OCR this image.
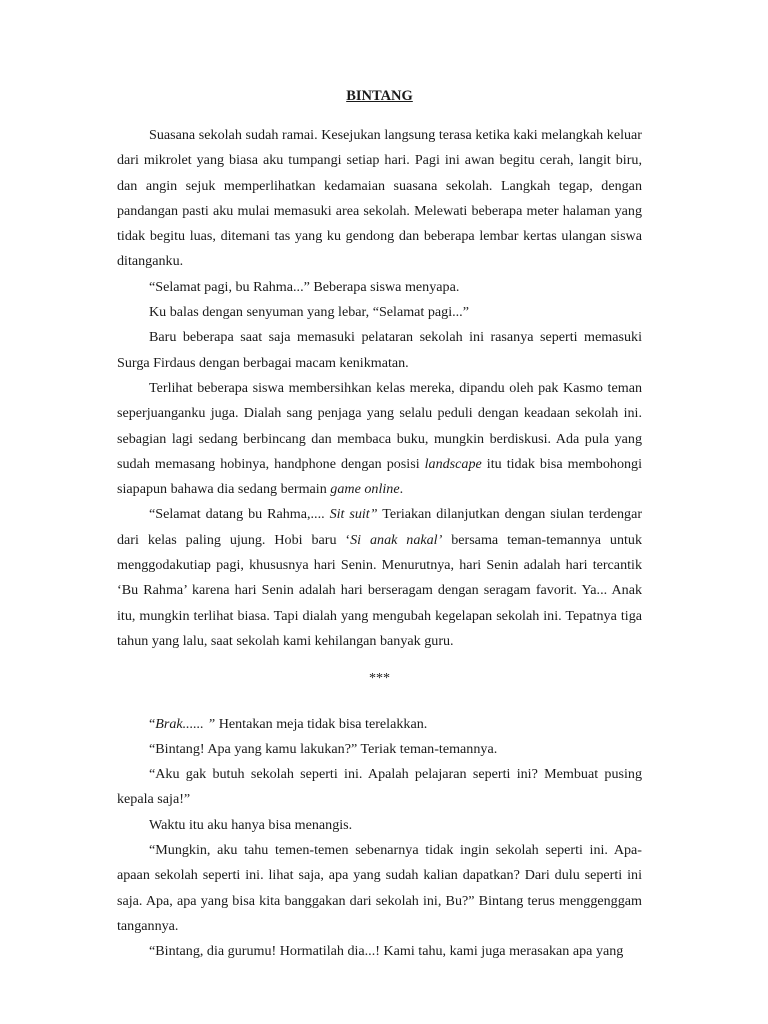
BINTANG

Suasana sekolah sudah ramai. Kesejukan langsung terasa ketika kaki melangkah keluar dari mikrolet yang biasa aku tumpangi setiap hari. Pagi ini awan begitu cerah, langit biru, dan angin sejuk memperlihatkan kedamaian suasana sekolah. Langkah tegap, dengan pandangan pasti aku mulai memasuki area sekolah. Melewati beberapa meter halaman yang tidak begitu luas, ditemani tas yang ku gendong dan beberapa lembar kertas ulangan siswa ditanganku.

“Selamat pagi, bu Rahma...” Beberapa siswa menyapa.

Ku balas dengan senyuman yang lebar, “Selamat pagi...”

Baru beberapa saat saja memasuki pelataran sekolah ini rasanya seperti memasuki Surga Firdaus dengan berbagai macam kenikmatan.

Terlihat beberapa siswa membersihkan kelas mereka, dipandu oleh pak Kasmo teman seperjuanganku juga. Dialah sang penjaga yang selalu peduli dengan keadaan sekolah ini. sebagian lagi sedang berbincang dan membaca buku, mungkin berdiskusi. Ada pula yang sudah memasang hobinya, handphone dengan posisi landscape itu tidak bisa membohongi siapapun bahawa dia sedang bermain game online.

“Selamat datang bu Rahma,.... Sit suit” Teriakan dilanjutkan dengan siulan terdengar dari kelas paling ujung. Hobi baru ‘Si anak nakal’ bersama teman-temannya untuk menggodakutiap pagi, khususnya hari Senin. Menurutnya, hari Senin adalah hari tercantik ‘Bu Rahma’ karena hari Senin adalah hari berseragam dengan seragam favorit. Ya... Anak itu, mungkin terlihat biasa. Tapi dialah yang mengubah kegelapan sekolah ini. Tepatnya tiga tahun yang lalu, saat sekolah kami kehilangan banyak guru.

***

“Brak...... ” Hentakan meja tidak bisa terelakkan.

“Bintang! Apa yang kamu lakukan?” Teriak teman-temannya.

“Aku gak butuh sekolah seperti ini. Apalah pelajaran seperti ini? Membuat pusing kepala saja!”

Waktu itu aku hanya bisa menangis.

“Mungkin, aku tahu temen-temen sebenarnya tidak ingin sekolah seperti ini. Apa-apaan sekolah seperti ini. lihat saja, apa yang sudah kalian dapatkan? Dari dulu seperti ini saja. Apa, apa yang bisa kita banggakan dari sekolah ini, Bu?” Bintang terus menggenggam tangannya.

“Bintang, dia gurumu! Hormatilah dia...! Kami tahu, kami juga merasakan apa yang
